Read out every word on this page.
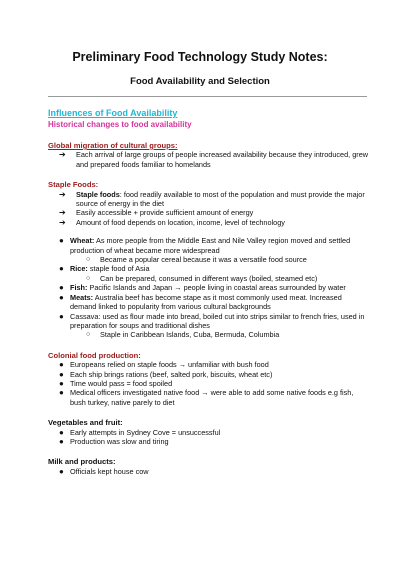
Preliminary Food Technology Study Notes:
Food Availability and Selection
Influences of Food Availability
Historical changes to food availability
Global migration of cultural groups:
➔ Each arrival of large groups of people increased availability because they introduced, grew and prepared foods familiar to homelands
Staple Foods:
➔ Staple foods: food readily available to most of the population and must provide the major source of energy in the diet
➔ Easily accessible + provide sufficient amount of energy
➔ Amount of food depends on location, income, level of technology
● Wheat: As more people from the Middle East and Nile Valley region moved and settled production of wheat became more widespread
○ Became a popular cereal because it was a versatile food source
● Rice: staple food of Asia
○ Can be prepared, consumed in different ways (boiled, steamed etc)
● Fish: Pacific Islands and Japan → people living in coastal areas surrounded by water
● Meats: Australia beef has become stape as it most commonly used meat. Increased demand linked to popularity from various cultural backgrounds
● Cassava: used as flour made into bread, boiled cut into strips similar to french fries, used in preparation for soups and traditional dishes
○ Staple in Caribbean Islands, Cuba, Bermuda, Columbia
Colonial food production:
● Europeans relied on staple foods → unfamiliar with bush food
● Each ship brings rations (beef, salted pork, biscuits, wheat etc)
● Time would pass = food spoiled
● Medical officers investigated native food → were able to add some native foods e.g fish, bush turkey, native parely to diet
Vegetables and fruit:
● Early attempts in Sydney Cove = unsuccessful
● Production was slow and tiring
Milk and products:
● Officials kept house cow
